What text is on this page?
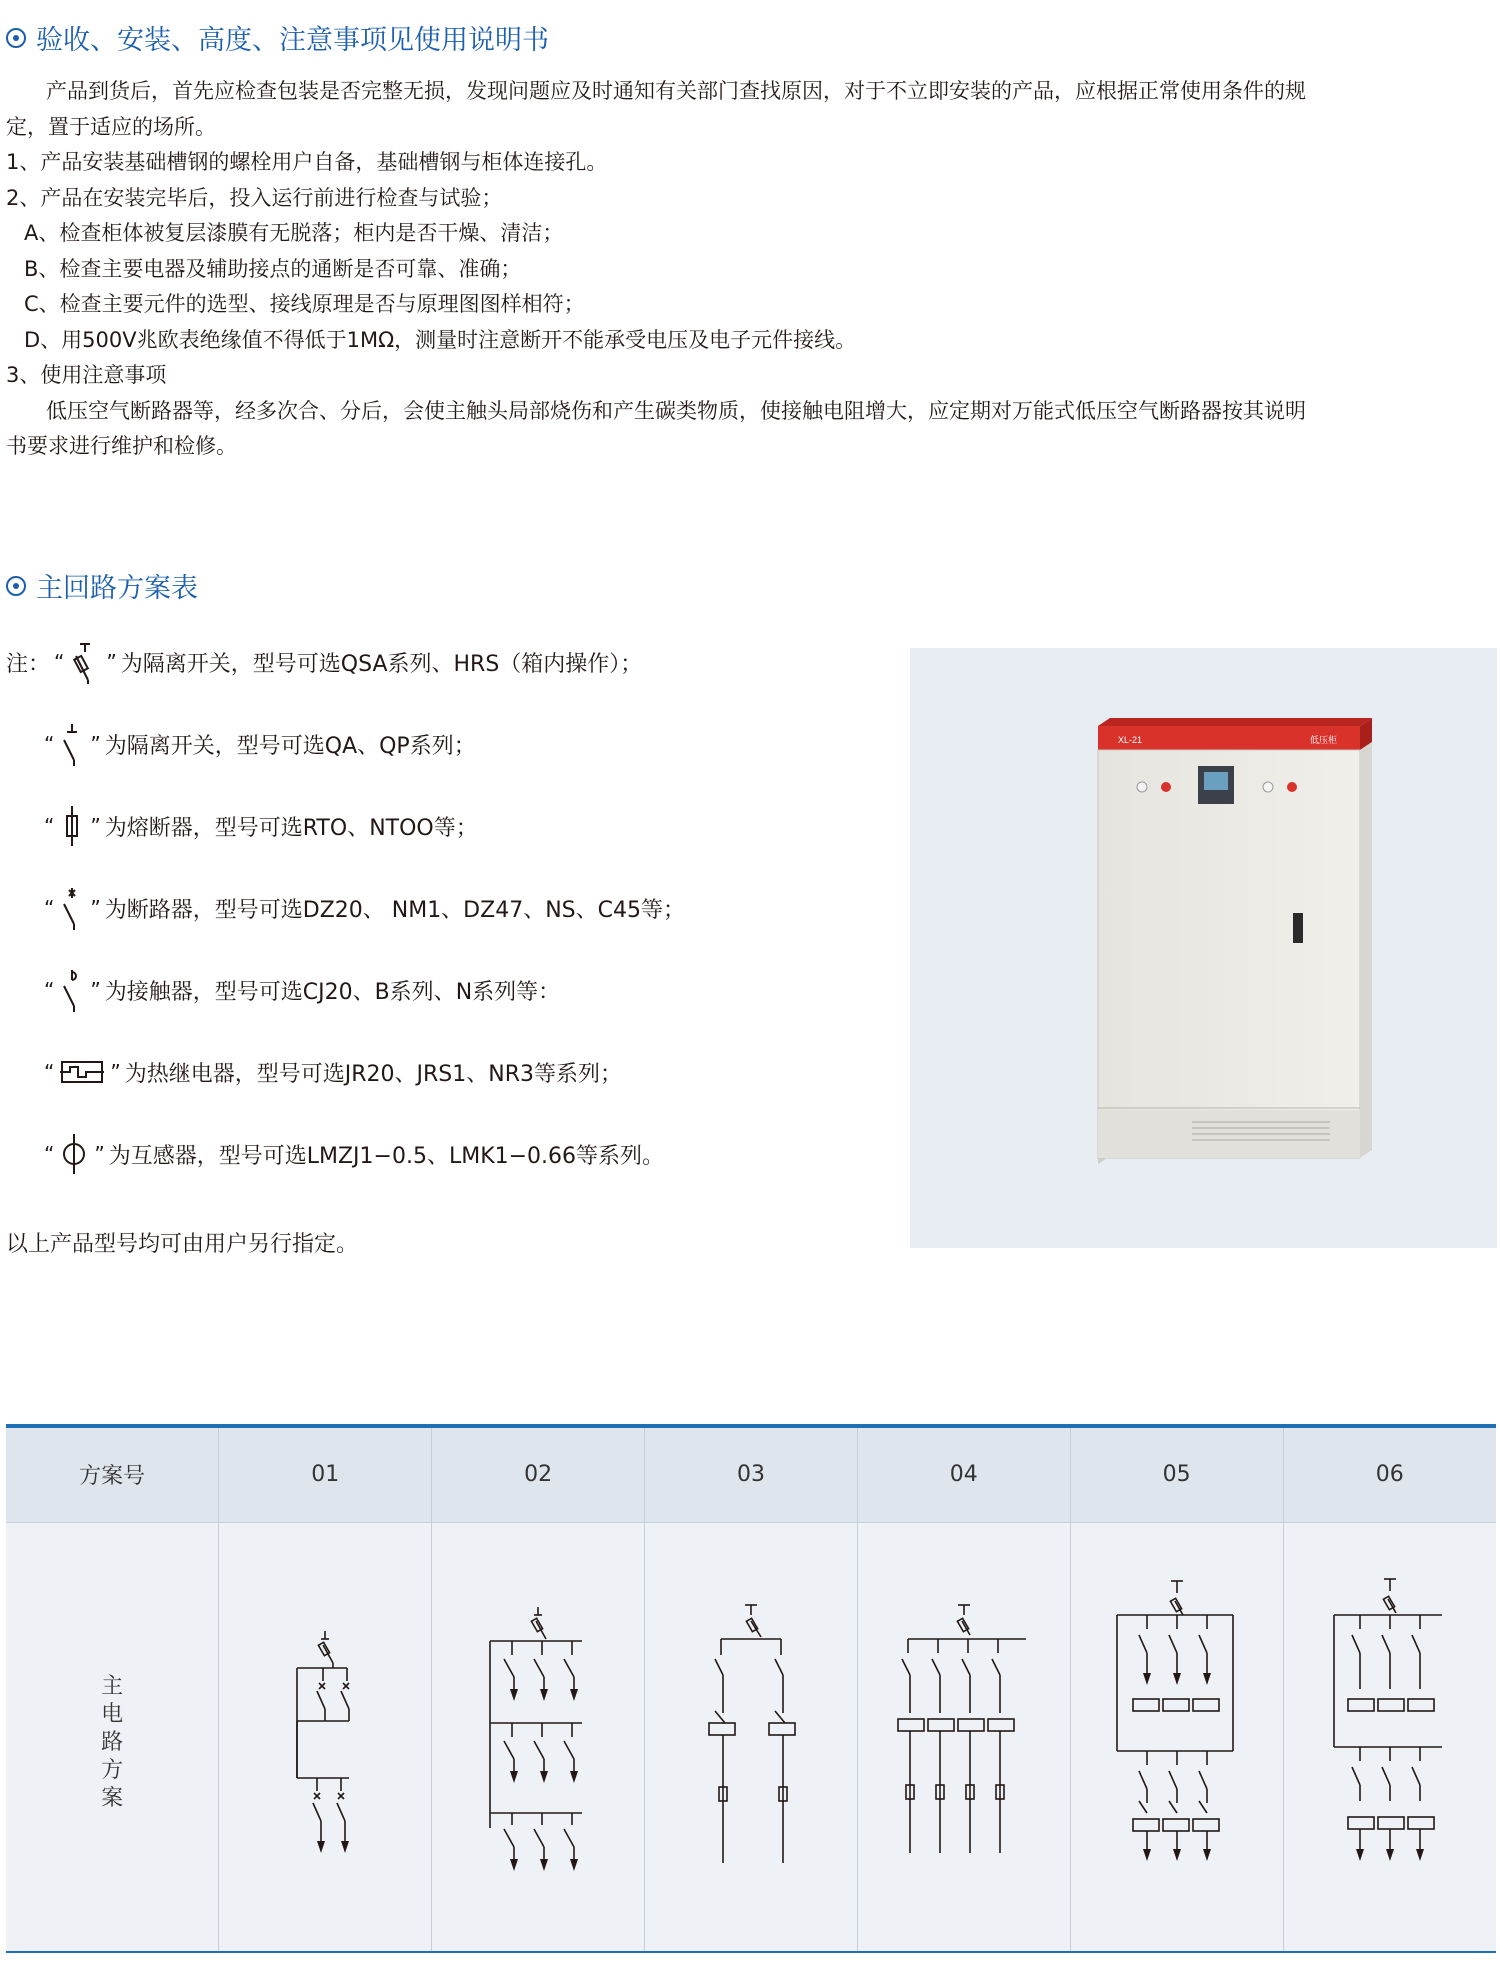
验收、安装、高度、注意事项见使用说明书
产品到货后，首先应检查包装是否完整无损，发现问题应及时通知有关部门查找原因，对于不立即安装的产品，应根据正常使用条件的规
定，置于适应的场所。
1、产品安装基础槽钢的螺栓用户自备，基础槽钢与柜体连接孔。
2、产品在安装完毕后，投入运行前进行检查与试验；
A、检查柜体被复层漆膜有无脱落；柜内是否干燥、清洁；
B、检查主要电器及辅助接点的通断是否可靠、准确；
C、检查主要元件的选型、接线原理是否与原理图图样相符；
D、用500V兆欧表绝缘值不得低于1MΩ，测量时注意断开不能承受电压及电子元件接线。
3、使用注意事项
低压空气断路器等，经多次合、分后，会使主触头局部烧伤和产生碳类物质，使接触电阻增大，应定期对万能式低压空气断路器按其说明
书要求进行维护和检修。
主回路方案表
注： “ ” 为隔离开关，型号可选QSA系列、HRS（箱内操作）；
“ ” 为隔离开关，型号可选QA、QP系列；
“ ” 为熔断器，型号可选RTO、NTOO等；
“ ” 为断路器，型号可选DZ20、 NM1、DZ47、NS、C45等；
“ ” 为接触器，型号可选CJ20、B系列、N系列等：
“	” 为热继电器，型号可选JR20、JRS1、NR3等系列；
“ ” 为互感器，型号可选LMZJ1−0.5、LMK1−0.66等系列。
以上产品型号均可由用户另行指定。
XL-21	低压柜
方案号	01	02	03	04	05	06

主电路方案
